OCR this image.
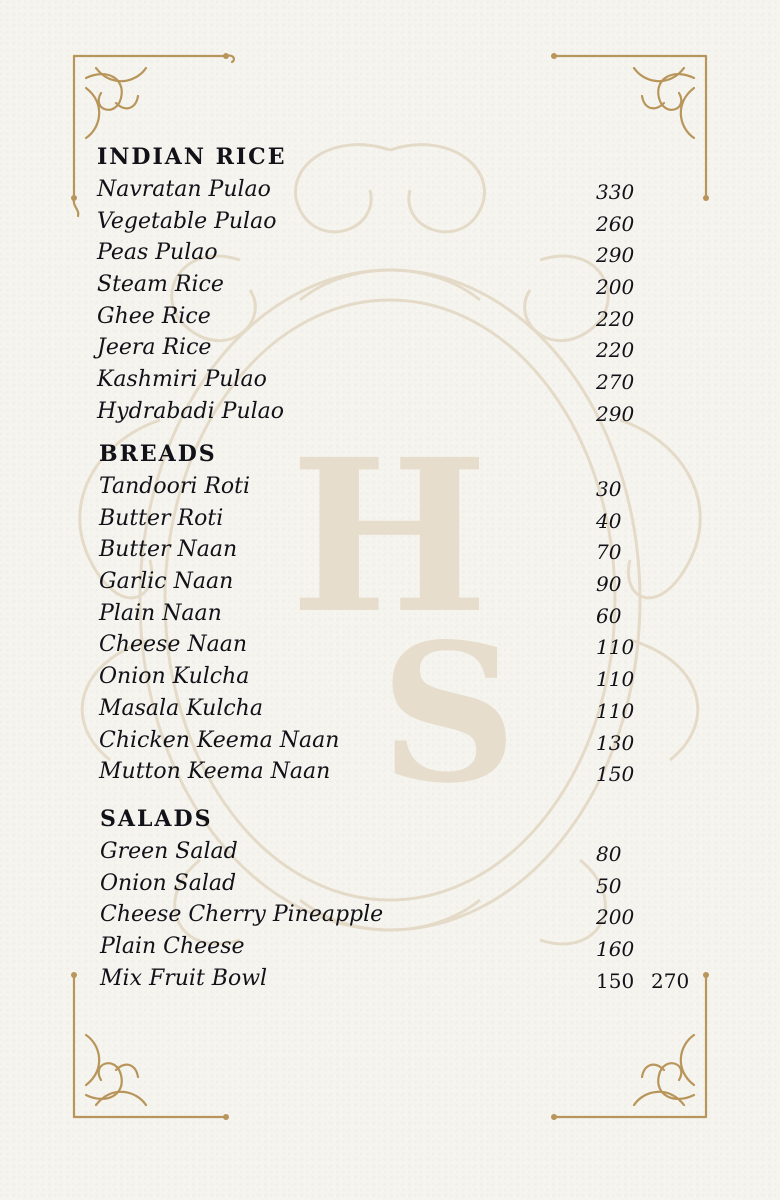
H
S
INDIAN RICE
Navratan Pulao	330
Vegetable Pulao	260
Peas Pulao	290
Steam Rice	200
Ghee Rice	220
Jeera Rice	220
Kashmiri Pulao	270
Hydrabadi Pulao	290
BREADS
Tandoori Roti	30
Butter Roti	40
Butter Naan	70
Garlic Naan	90
Plain Naan	60
Cheese Naan	110
Onion Kulcha	110
Masala Kulcha	110
Chicken Keema Naan	130
Mutton Keema Naan	150
SALADS
Green Salad	80
Onion Salad	50
Cheese Cherry Pineapple	200
Plain Cheese	160
Mix Fruit Bowl	150 270
